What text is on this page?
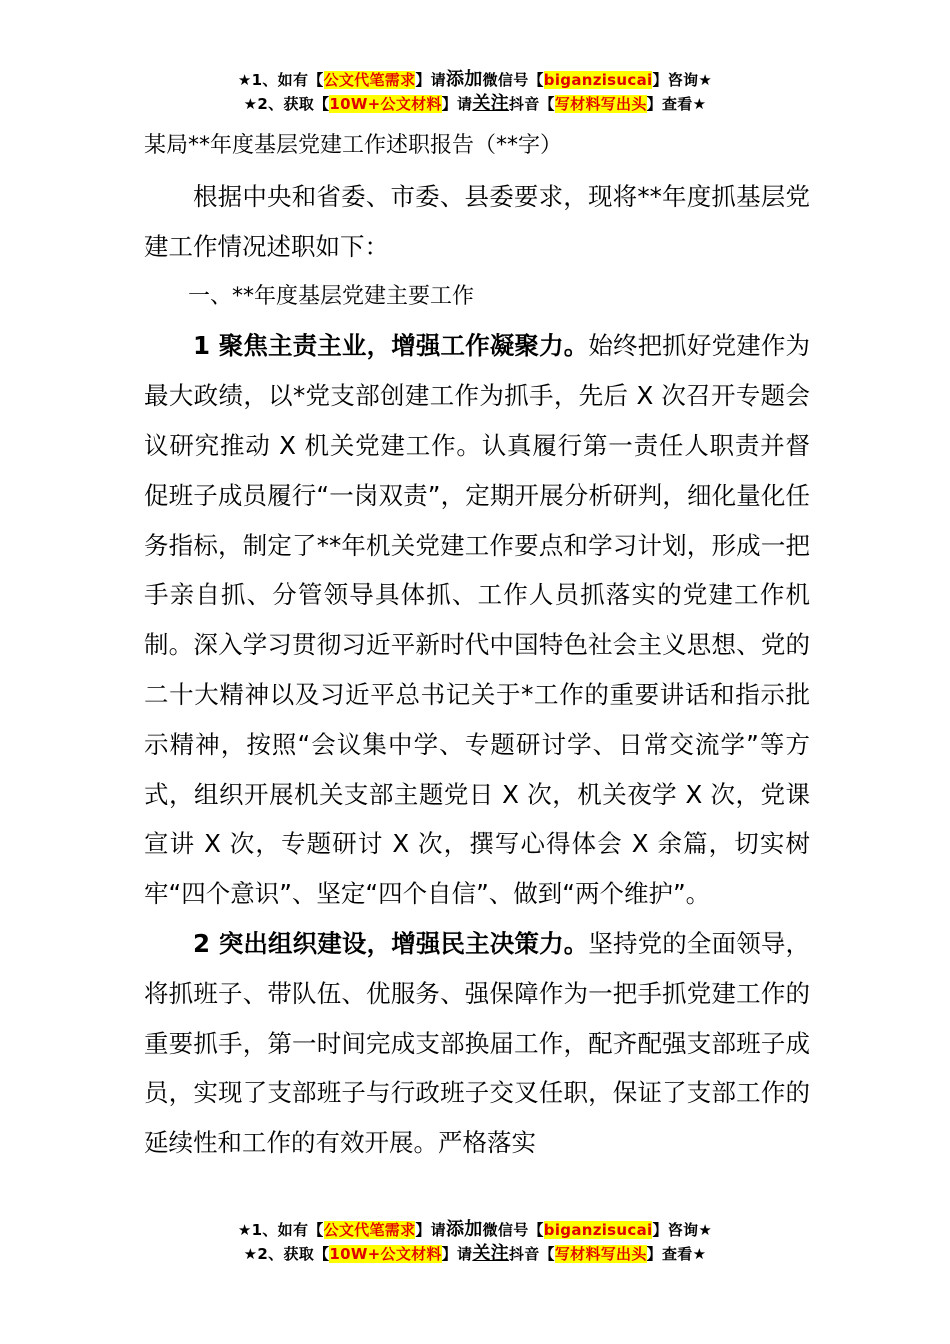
★1、如有【公文代笔需求】请添加微信号【biganzisucai】咨询★
★2、获取【10W+公文材料】请关注抖音【写材料写出头】查看★
某局**年度基层党建工作述职报告（**字）

根据中央和省委、市委、县委要求，现将**年度抓基层党建工作情况述职如下：

一、**年度基层党建主要工作

1 聚焦主责主业，增强工作凝聚力。始终把抓好党建作为最大政绩，以*党支部创建工作为抓手，先后 X 次召开专题会议研究推动 X 机关党建工作。认真履行第一责任人职责并督促班子成员履行“一岗双责”，定期开展分析研判，细化量化任务指标，制定了**年机关党建工作要点和学习计划，形成一把手亲自抓、分管领导具体抓、工作人员抓落实的党建工作机制。深入学习贯彻习近平新时代中国特色社会主义思想、党的二十大精神以及习近平总书记关于*工作的重要讲话和指示批示精神，按照“会议集中学、专题研讨学、日常交流学”等方式，组织开展机关支部主题党日 X 次，机关夜学 X 次，党课宣讲 X 次，专题研讨 X 次，撰写心得体会 X 余篇，切实树牢“四个意识”、坚定“四个自信”、做到“两个维护”。

2 突出组织建设，增强民主决策力。坚持党的全面领导，将抓班子、带队伍、优服务、强保障作为一把手抓党建工作的重要抓手，第一时间完成支部换届工作，配齐配强支部班子成员，实现了支部班子与行政班子交叉任职，保证了支部工作的延续性和工作的有效开展。严格落实

★1、如有【公文代笔需求】请添加微信号【biganzisucai】咨询★
★2、获取【10W+公文材料】请关注抖音【写材料写出头】查看★
